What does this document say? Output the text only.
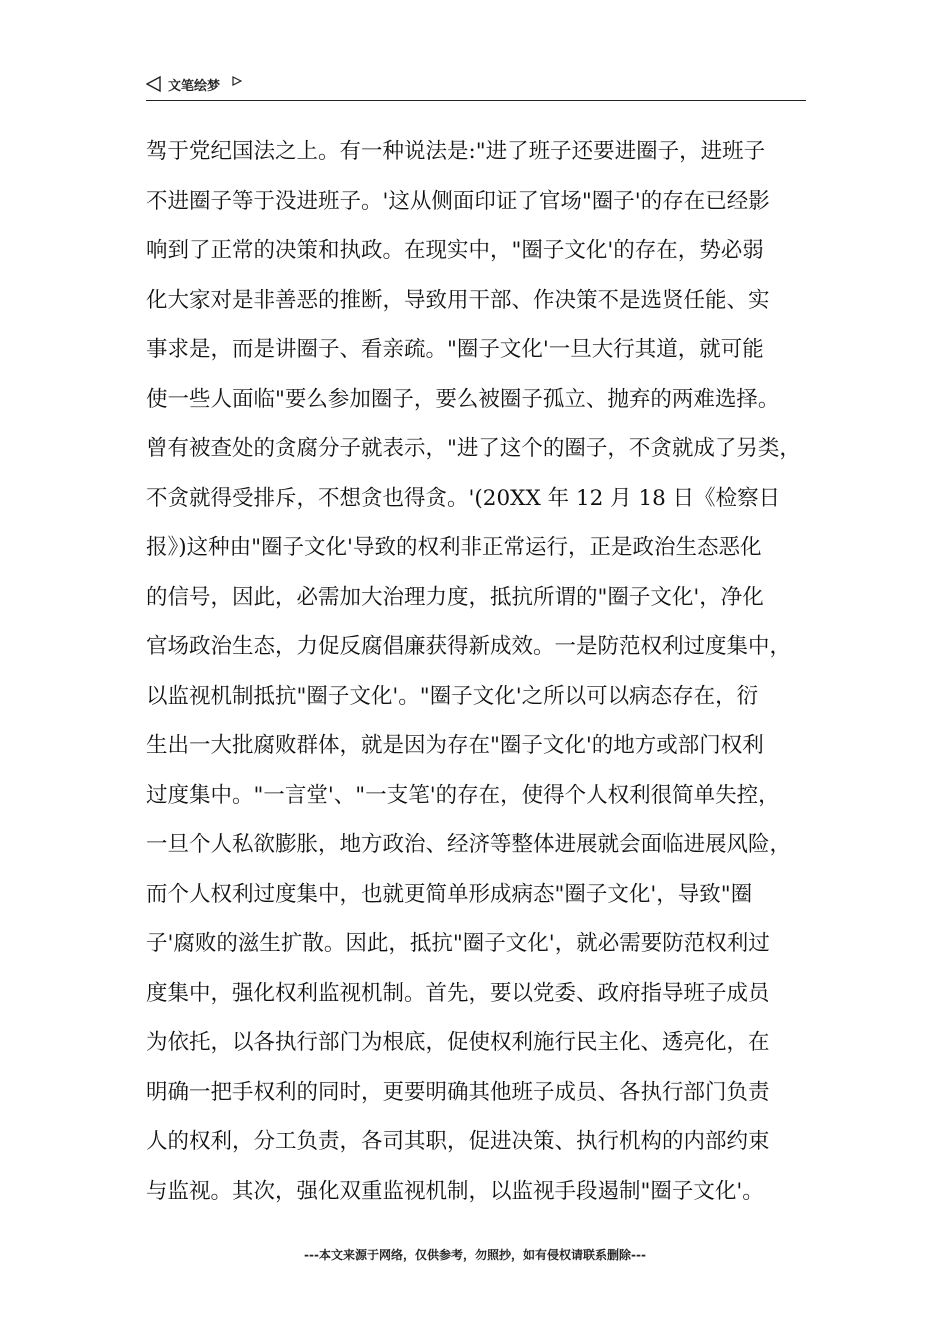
文笔绘梦
驾于党纪国法之上。有一种说法是:"进了班子还要进圈子，进班子
不进圈子等于没进班子。'这从侧面印证了官场"圈子'的存在已经影
响到了正常的决策和执政。在现实中，"圈子文化'的存在，势必弱
化大家对是非善恶的推断，导致用干部、作决策不是选贤任能、实
事求是，而是讲圈子、看亲疏。"圈子文化'一旦大行其道，就可能
使一些人面临"要么参加圈子，要么被圈子孤立、抛弃的两难选择。
曾有被查处的贪腐分子就表示，"进了这个的圈子，不贪就成了另类，
不贪就得受排斥，不想贪也得贪。'(20XX 年 12 月 18 日《检察日
报》)这种由"圈子文化'导致的权利非正常运行，正是政治生态恶化
的信号，因此，必需加大治理力度，抵抗所谓的"圈子文化'，净化
官场政治生态，力促反腐倡廉获得新成效。一是防范权利过度集中，
以监视机制抵抗"圈子文化'。"圈子文化'之所以可以病态存在，衍
生出一大批腐败群体，就是因为存在"圈子文化'的地方或部门权利
过度集中。"一言堂'、"一支笔'的存在，使得个人权利很简单失控，
一旦个人私欲膨胀，地方政治、经济等整体进展就会面临进展风险，
而个人权利过度集中，也就更简单形成病态"圈子文化'，导致"圈
子'腐败的滋生扩散。因此，抵抗"圈子文化'，就必需要防范权利过
度集中，强化权利监视机制。首先，要以党委、政府指导班子成员
为依托，以各执行部门为根底，促使权利施行民主化、透亮化，在
明确一把手权利的同时，更要明确其他班子成员、各执行部门负责
人的权利，分工负责，各司其职，促进决策、执行机构的内部约束
与监视。其次，强化双重监视机制，以监视手段遏制"圈子文化'。
---本文来源于网络，仅供参考，勿照抄，如有侵权请联系删除---
